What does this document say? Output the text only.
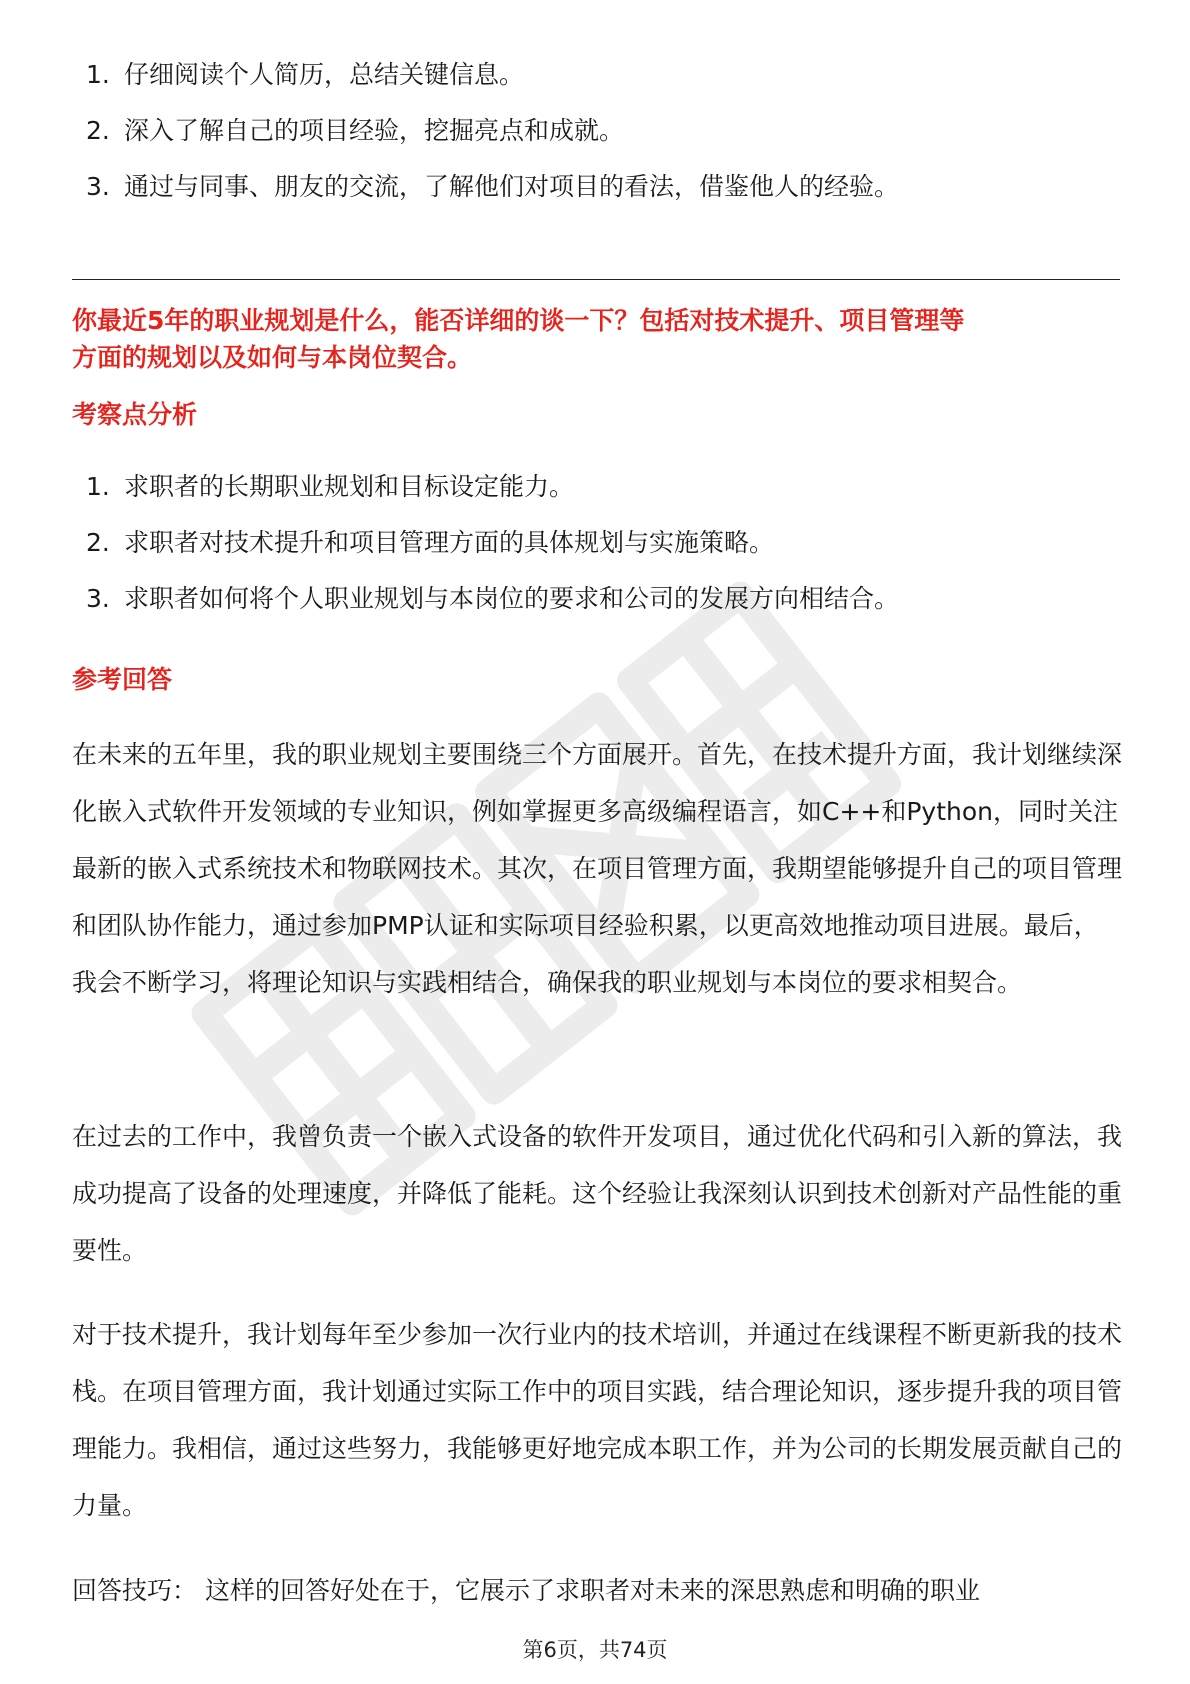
1. 仔细阅读个人简历，总结关键信息。
2. 深入了解自己的项目经验，挖掘亮点和成就。
3. 通过与同事、朋友的交流，了解他们对项目的看法，借鉴他人的经验。
你最近5年的职业规划是什么，能否详细的谈一下？包括对技术提升、项目管理等
方面的规划以及如何与本岗位契合。
考察点分析
1. 求职者的长期职业规划和目标设定能力。
2. 求职者对技术提升和项目管理方面的具体规划与实施策略。
3. 求职者如何将个人职业规划与本岗位的要求和公司的发展方向相结合。
参考回答

在未来的五年里，我的职业规划主要围绕三个方面展开。首先，在技术提升方面，我计划继续深化嵌入式软件开发领域的专业知识，例如掌握更多高级编程语言，如C++和Python，同时关注最新的嵌入式系统技术和物联网技术。其次，在项目管理方面，我期望能够提升自己的项目管理和团队协作能力，通过参加PMP认证和实际项目经验积累，以更高效地推动项目进展。最后，我会不断学习，将理论知识与实践相结合，确保我的职业规划与本岗位的要求相契合。

在过去的工作中，我曾负责一个嵌入式设备的软件开发项目，通过优化代码和引入新的算法，我成功提高了设备的处理速度，并降低了能耗。这个经验让我深刻认识到技术创新对产品性能的重要性。

对于技术提升，我计划每年至少参加一次行业内的技术培训，并通过在线课程不断更新我的技术栈。在项目管理方面，我计划通过实际工作中的项目实践，结合理论知识，逐步提升我的项目管理能力。我相信，通过这些努力，我能够更好地完成本职工作，并为公司的长期发展贡献自己的力量。

回答技巧： 这样的回答好处在于，它展示了求职者对未来的深思熟虑和明确的职业

第6页，共74页
